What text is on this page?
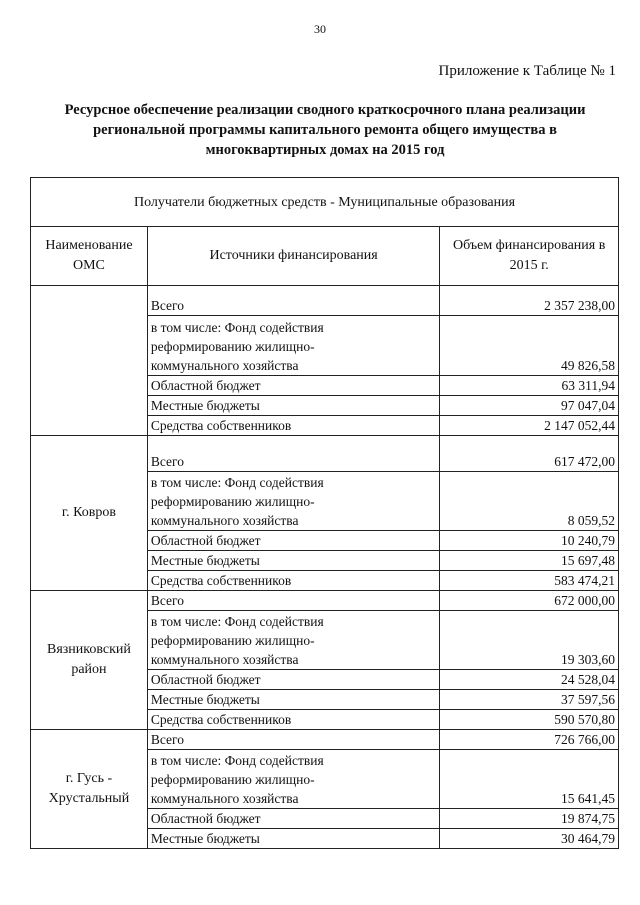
30
Приложение к Таблице № 1
Ресурсное обеспечение реализации сводного краткосрочного плана реализации
региональной программы капитального ремонта общего имущества в
многоквартирных домах на 2015 год
Получатели бюджетных средств - Муниципальные образования		
Наименование ОМС	Источники финансирования	Объем финансирования в 2015 г.
	Всего	2 357 238,00
	в том числе: Фонд содействия реформированию жилищно-коммунального хозяйства	49 826,58
	Областной бюджет	63 311,94
	Местные бюджеты	97 047,04
	Средства собственников	2 147 052,44
г. Ковров	Всего	617 472,00
	в том числе: Фонд содействия реформированию жилищно-коммунального хозяйства	8 059,52
	Областной бюджет	10 240,79
	Местные бюджеты	15 697,48
	Средства собственников	583 474,21
Вязниковский район	Всего	672 000,00
	в том числе: Фонд содействия реформированию жилищно-коммунального хозяйства	19 303,60
	Областной бюджет	24 528,04
	Местные бюджеты	37 597,56
	Средства собственников	590 570,80
г. Гусь - Хрустальный	Всего	726 766,00
	в том числе: Фонд содействия реформированию жилищно-коммунального хозяйства	15 641,45
	Областной бюджет	19 874,75
	Местные бюджеты	30 464,79
